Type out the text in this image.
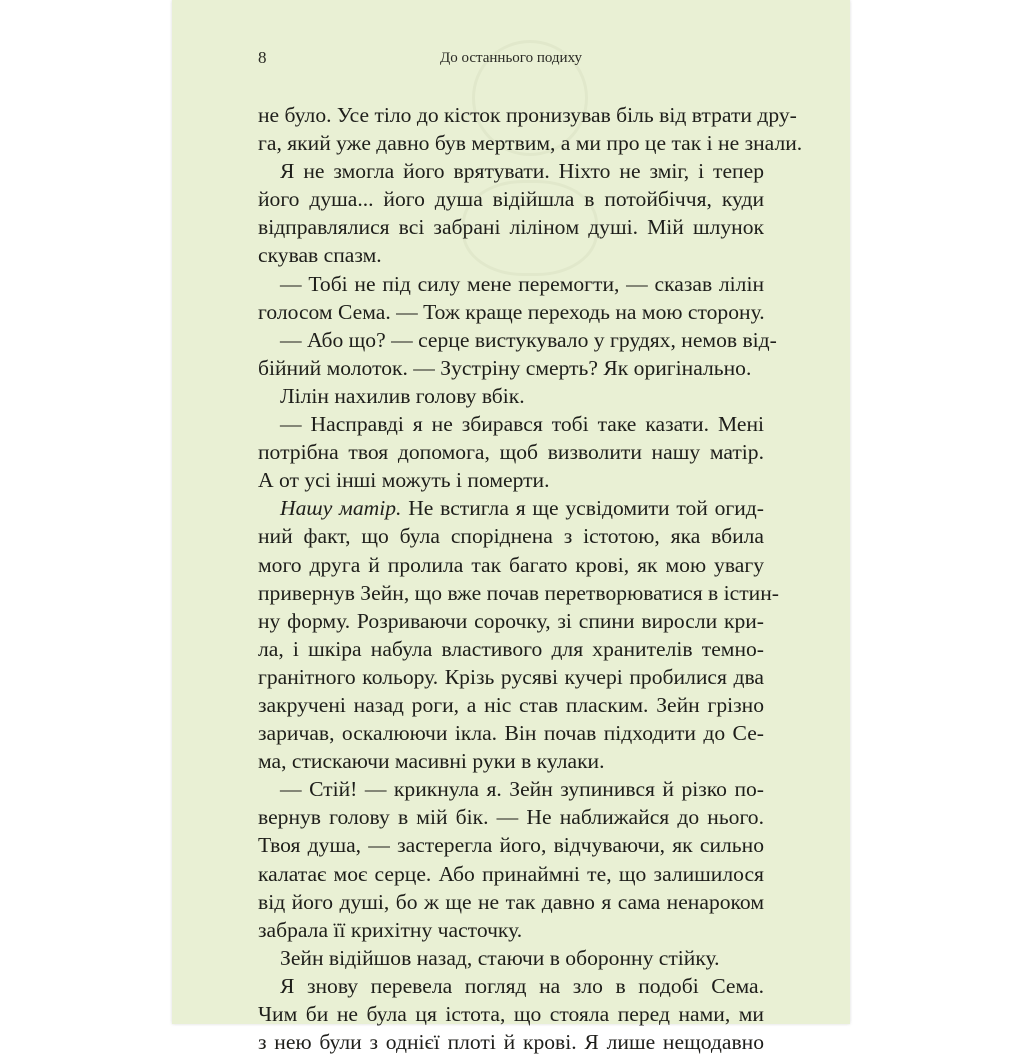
8	До останнього подиху
не було. Усе тіло до кісток пронизував біль від втрати дру-
га, який уже давно був мертвим, а ми про це так і не знали.
Я не змогла його врятувати. Ніхто не зміг, і тепер
його душа... його душа відійшла в потойбіччя, куди
відправлялися всі забрані лілінoм душі. Мій шлунок
скував спазм.
— Тобі не під силу мене перемогти, — сказав лілін
голосом Сема. — Тож краще переходь на мою сторону.
— Або що? — серце вистукувало у грудях, немов від-
бійний молоток. — Зустріну смерть? Як оригінально.
Лілін нахилив голову вбік.
— Насправді я не збирався тобі таке казати. Мені
потрібна твоя допомога, щоб визволити нашу матір.
А от усі інші можуть і померти.
Нашу матір. Не встигла я ще усвідомити той огид-
ний факт, що була споріднена з істотою, яка вбила
мого друга й пролила так багато крові, як мою увагу
привернув Зейн, що вже почав перетворюватися в істин-
ну форму. Розриваючи сорочку, зі спини виросли кри-
ла, і шкіра набула властивого для хранителів темно-
гранітного кольору. Крізь русяві кучері пробилися два
закручені назад роги, а ніс став пласким. Зейн грізно
заричав, оскалюючи ікла. Він почав підходити до Се-
ма, стискаючи масивні руки в кулаки.
— Стій! — крикнула я. Зейн зупинився й різко по-
вернув голову в мій бік. — Не наближайся до нього.
Твоя душа, — застерегла його, відчуваючи, як сильно
калатає моє серце. Або принаймні те, що залишилося
від його душі, бо ж ще не так давно я сама ненароком
забрала її крихітну часточку.
Зейн відійшов назад, стаючи в оборонну стійку.
Я знову перевела погляд на зло в подобі Сема.
Чим би не була ця істота, що стояла перед нами, ми
з нею були з однієї плоті й крові. Я лише нещодавно
